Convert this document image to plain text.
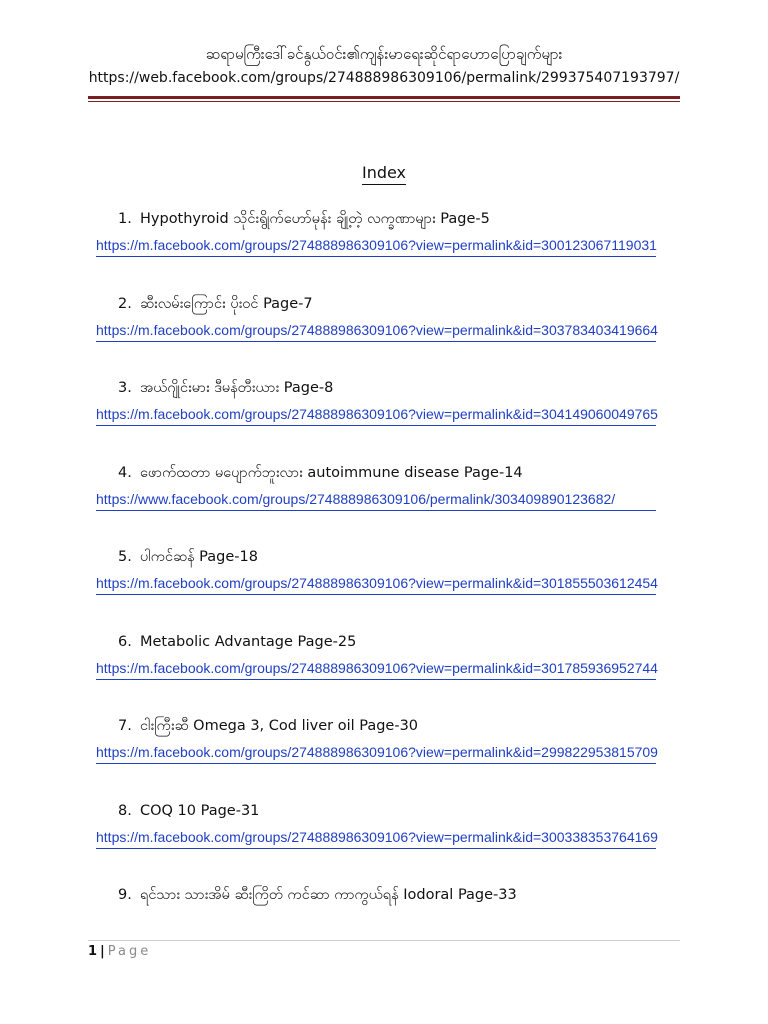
ဆရာမကြီးဒေါ်ခင်နွယ်ဝင်း၏ကျန်းမာရေးဆိုင်ရာဟောပြောချက်များ
https://web.facebook.com/groups/274888986309106/permalink/299375407193797/
Index
1. Hypothyroid သိုင်းရွိုက်ဟော်မုန်း ချို့တဲ့ လက္ခဏာများ Page-5
https://m.facebook.com/groups/274888986309106?view=permalink&id=300123067119031
2. ဆီးလမ်းကြောင်း ပိုးဝင် Page-7
https://m.facebook.com/groups/274888986309106?view=permalink&id=303783403419664
3. အယ်ဂျိုင်းမား ဒီမန်တီးယား Page-8
https://m.facebook.com/groups/274888986309106?view=permalink&id=304149060049765
4. ဖောက်ထတာ မပျောက်ဘူးလား autoimmune disease Page-14
https://www.facebook.com/groups/274888986309106/permalink/303409890123682/
5. ပါကင်ဆန် Page-18
https://m.facebook.com/groups/274888986309106?view=permalink&id=301855503612454
6. Metabolic Advantage Page-25
https://m.facebook.com/groups/274888986309106?view=permalink&id=301785936952744
7. ငါးကြီးဆီ Omega 3, Cod liver oil Page-30
https://m.facebook.com/groups/274888986309106?view=permalink&id=299822953815709
8. COQ 10 Page-31
https://m.facebook.com/groups/274888986309106?view=permalink&id=300338353764169
9. ရင်သား သားအိမ် ဆီးကြိတ် ကင်ဆာ ကာကွယ်ရန် Iodoral Page-33
1 | Page
